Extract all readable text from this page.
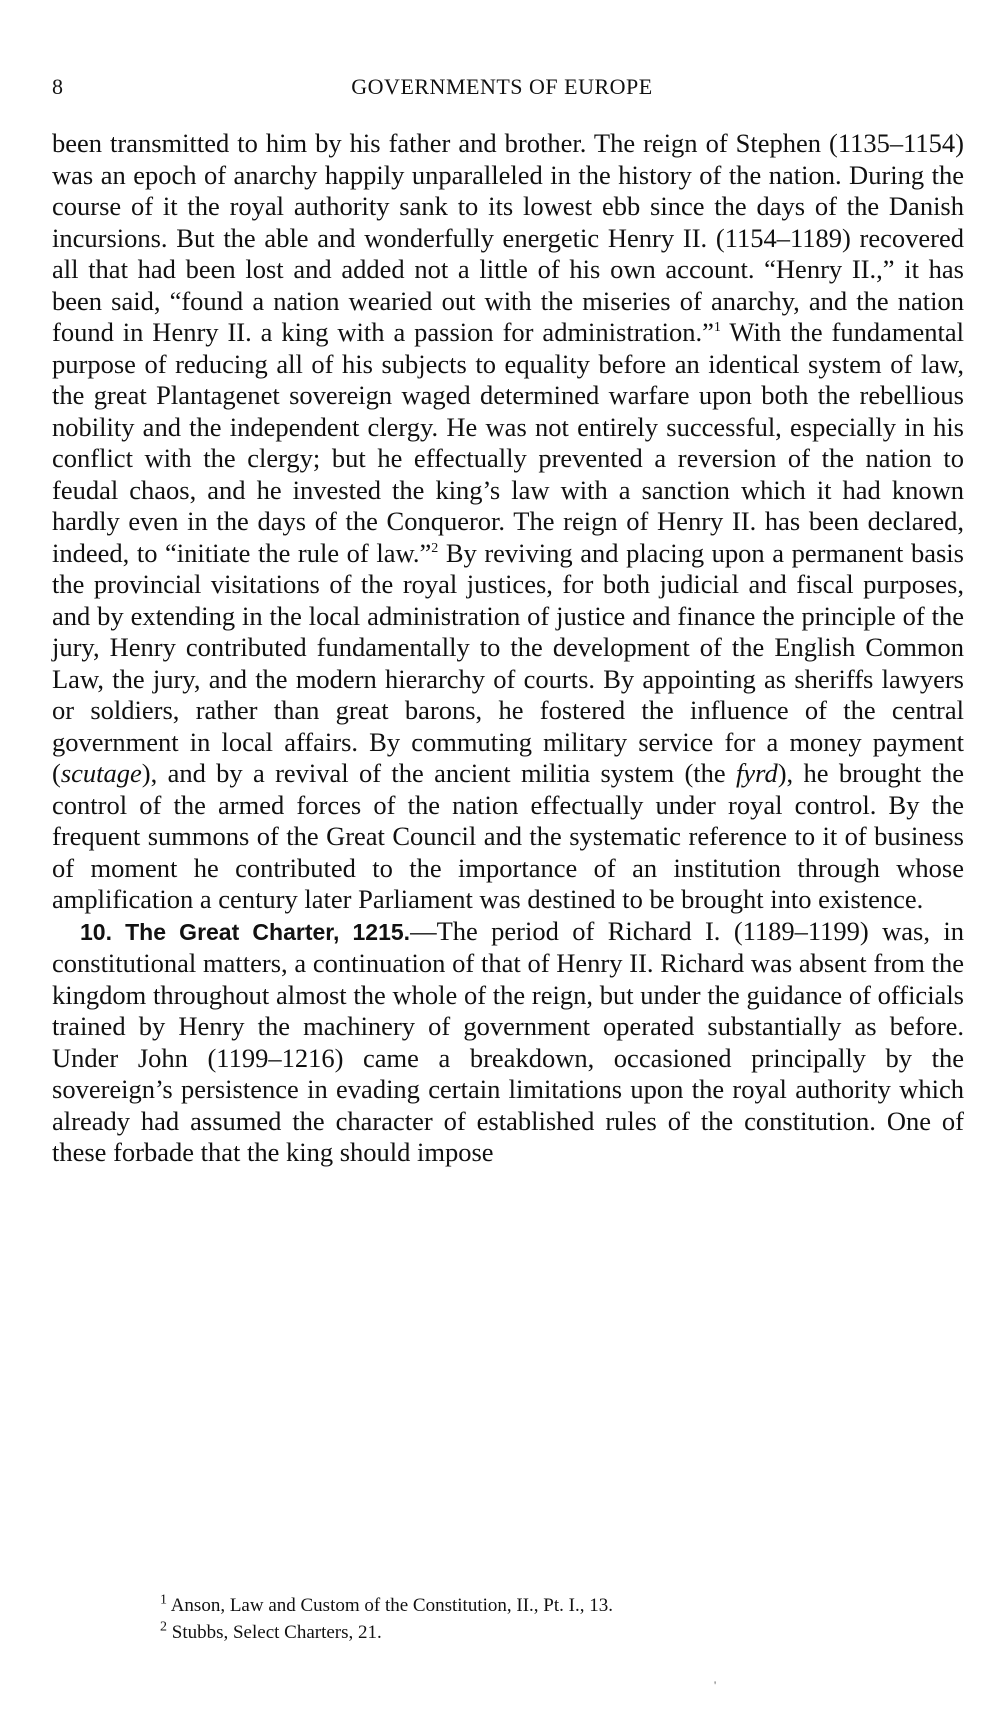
8	GOVERNMENTS OF EUROPE

been transmitted to him by his father and brother. The reign of Stephen (1135–1154) was an epoch of anarchy happily unparalleled in the history of the nation. During the course of it the royal authority sank to its lowest ebb since the days of the Danish incursions. But the able and wonderfully energetic Henry II. (1154–1189) recovered all that had been lost and added not a little of his own account. “Henry II.,” it has been said, “found a nation wearied out with the miseries of anarchy, and the nation found in Henry II. a king with a passion for administration.”$^1$ With the fundamental purpose of reducing all of his subjects to equality before an identical system of law, the great Plantagenet sovereign waged determined warfare upon both the rebellious nobility and the independent clergy. He was not entirely successful, especially in his conflict with the clergy; but he effectually prevented a reversion of the nation to feudal chaos, and he invested the king’s law with a sanction which it had known hardly even in the days of the Conqueror. The reign of Henry II. has been declared, indeed, to “initiate the rule of law.”$^2$ By reviving and placing upon a permanent basis the provincial visitations of the royal justices, for both judicial and fiscal purposes, and by extending in the local administration of justice and finance the principle of the jury, Henry contributed fundamentally to the development of the English Common Law, the jury, and the modern hierarchy of courts. By appointing as sheriffs lawyers or soldiers, rather than great barons, he fostered the influence of the central government in local affairs. By commuting military service for a money payment (scutage), and by a revival of the ancient militia system (the fyrd), he brought the control of the armed forces of the nation effectually under royal control. By the frequent summons of the Great Council and the systematic reference to it of business of moment he contributed to the importance of an institution through whose amplification a century later Parliament was destined to be brought into existence.

10. The Great Charter, 1215.—The period of Richard I. (1189–1199) was, in constitutional matters, a continuation of that of Henry II. Richard was absent from the kingdom throughout almost the whole of the reign, but under the guidance of officials trained by Henry the machinery of government operated substantially as before. Under John (1199–1216) came a breakdown, occasioned principally by the sovereign’s persistence in evading certain limitations upon the royal authority which already had assumed the character of established rules of the constitution. One of these forbade that the king should impose

$^1$ Anson, Law and Custom of the Constitution, II., Pt. I., 13.

$^2$ Stubbs, Select Charters, 21.

'
